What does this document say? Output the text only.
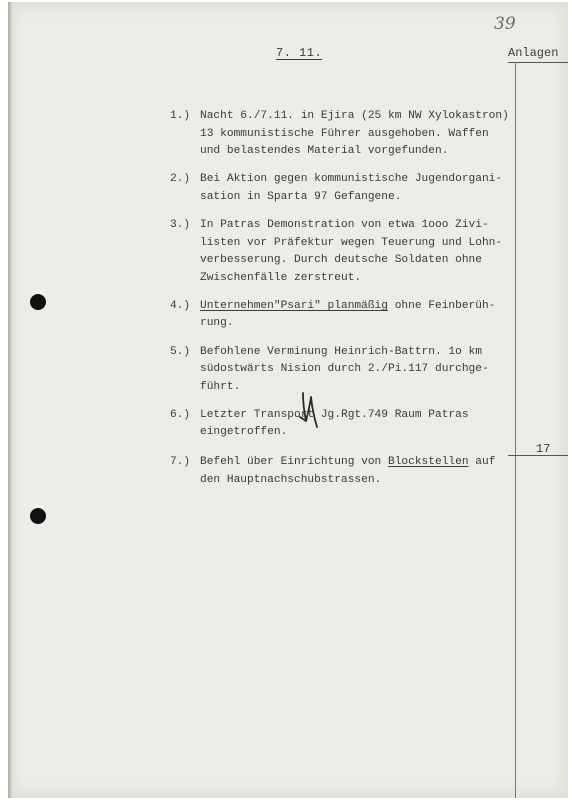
39
7. 11.	Anlagen
17
1.) Nacht 6./7.11. in Ejira (25 km NW Xylokastron)
13 kommunistische Führer ausgehoben. Waffen
und belastendes Material vorgefunden.
2.) Bei Aktion gegen kommunistische Jugendorgani-
sation in Sparta 97 Gefangene.
3.) In Patras Demonstration von etwa 1ooo Zivi-
listen vor Präfektur wegen Teuerung und Lohn-
verbesserung. Durch deutsche Soldaten ohne
Zwischenfälle zerstreut.
4.) Unternehmen"Psari" planmäßig ohne Feinberüh-
rung.
5.) Befohlene Verminung Heinrich-Battrn. 1o km
südostwärts Nision durch 2./Pi.117 durchge-
führt.
6.) Letzter Transport Jg.Rgt.749 Raum Patras
eingetroffen.
7.) Befehl über Einrichtung von Blockstellen auf
den Hauptnachschubstrassen.
